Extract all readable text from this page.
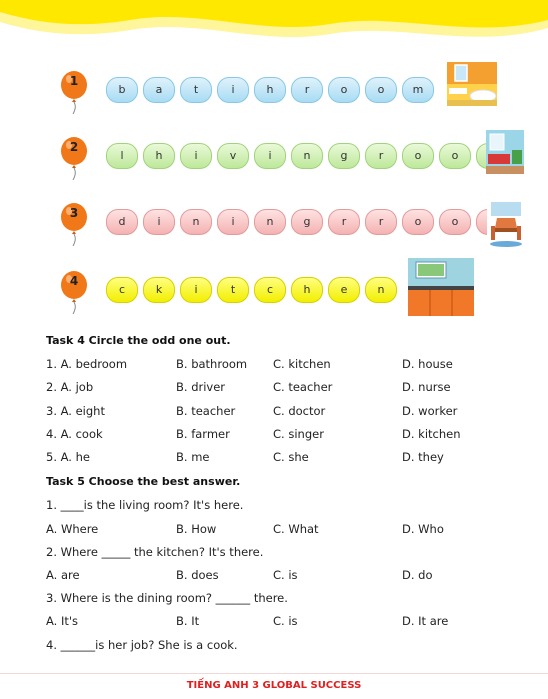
1
b	a	t	i	h	r	o	o	m
2
l	h	i	v	i	n	g	r	o	o
3
d	i	n	i	n	g	r	r	o	o
4
c	k	i	t	c	h	e	n
Task 4 Circle the odd one out.
1. A. bedroom	B. bathroom C. kitchen	D. house
2. A. job	B. driver	C. teacher	D. nurse
3. A. eight	B. teacher	C. doctor	D. worker
4. A. cook	B. farmer	C. singer	D. kitchen
5. A. he	B. me	C. she	D. they
Task 5 Choose the best answer.
1. ____is the living room? It's here.
A. Where	B. How	C. What	D. Who
2. Where _____ the kitchen? It's there.
A. are	B. does	C. is	D. do
3. Where is the dining room? ______ there.
A. It's	B. It	C. is	D. It are
4. ______is her job? She is a cook.
TIẾNG ANH 3 GLOBAL SUCCESS
